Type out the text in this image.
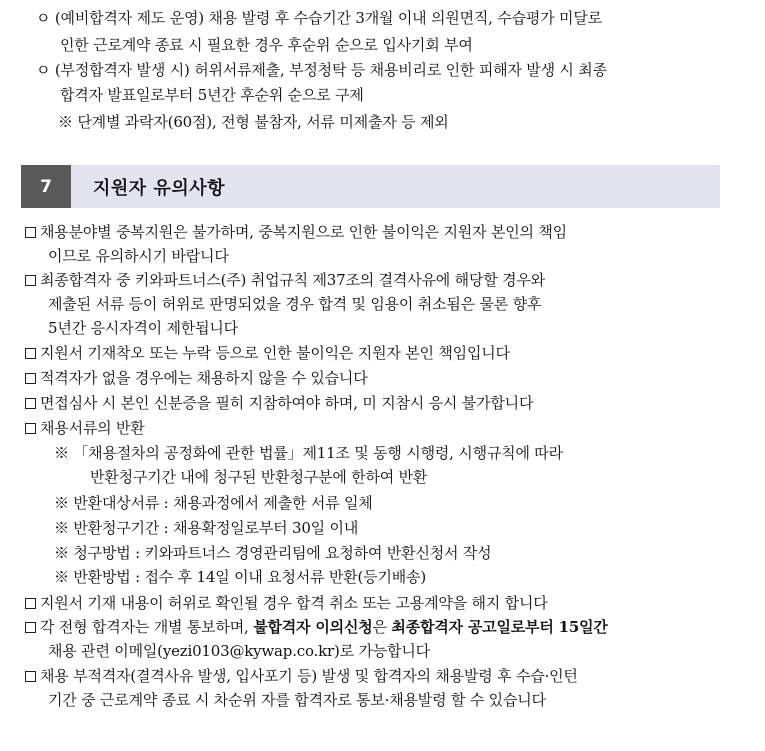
ㅇ (예비합격자 제도 운영) 채용 발령 후 수습기간 3개월 이내 의원면직, 수습평가 미달로
인한 근로계약 종료 시 필요한 경우 후순위 순으로 입사기회 부여
ㅇ (부정합격자 발생 시) 허위서류제출, 부정청탁 등 채용비리로 인한 피해자 발생 시 최종
합격자 발표일로부터 5년간 후순위 순으로 구제
※ 단계별 과락자(60점), 전형 불참자, 서류 미제출자 등 제외
7	지원자 유의사항
채용분야별 중복지원은 불가하며, 중복지원으로 인한 불이익은 지원자 본인의 책임
이므로 유의하시기 바랍니다
최종합격자 중 키와파트너스(주) 취업규칙 제37조의 결격사유에 해당할 경우와
제출된 서류 등이 허위로 판명되었을 경우 합격 및 임용이 취소됨은 물론 향후
5년간 응시자격이 제한됩니다
지원서 기재착오 또는 누락 등으로 인한 불이익은 지원자 본인 책임입니다
적격자가 없을 경우에는 채용하지 않을 수 있습니다
면접심사 시 본인 신분증을 필히 지참하여야 하며, 미 지참시 응시 불가합니다
채용서류의 반환
※ 「채용절차의 공정화에 관한 법률」제11조 및 동행 시행령, 시행규칙에 따라
반환청구기간 내에 청구된 반환청구분에 한하여 반환
※ 반환대상서류 : 채용과정에서 제출한 서류 일체
※ 반환청구기간 : 채용확정일로부터 30일 이내
※ 청구방법 : 키와파트너스 경영관리팀에 요청하여 반환신청서 작성
※ 반환방법 : 접수 후 14일 이내 요청서류 반환(등기배송)
지원서 기재 내용이 허위로 확인될 경우 합격 취소 또는 고용계약을 해지 합니다
각 전형 합격자는 개별 통보하며, 불합격자 이의신청은 최종합격자 공고일로부터 15일간
채용 관련 이메일(yezi0103@kywap.co.kr)로 가능합니다
채용 부적격자(결격사유 발생, 입사포기 등) 발생 및 합격자의 채용발령 후 수습·인턴
기간 중 근로계약 종료 시 차순위 자를 합격자로 통보·채용발령 할 수 있습니다
